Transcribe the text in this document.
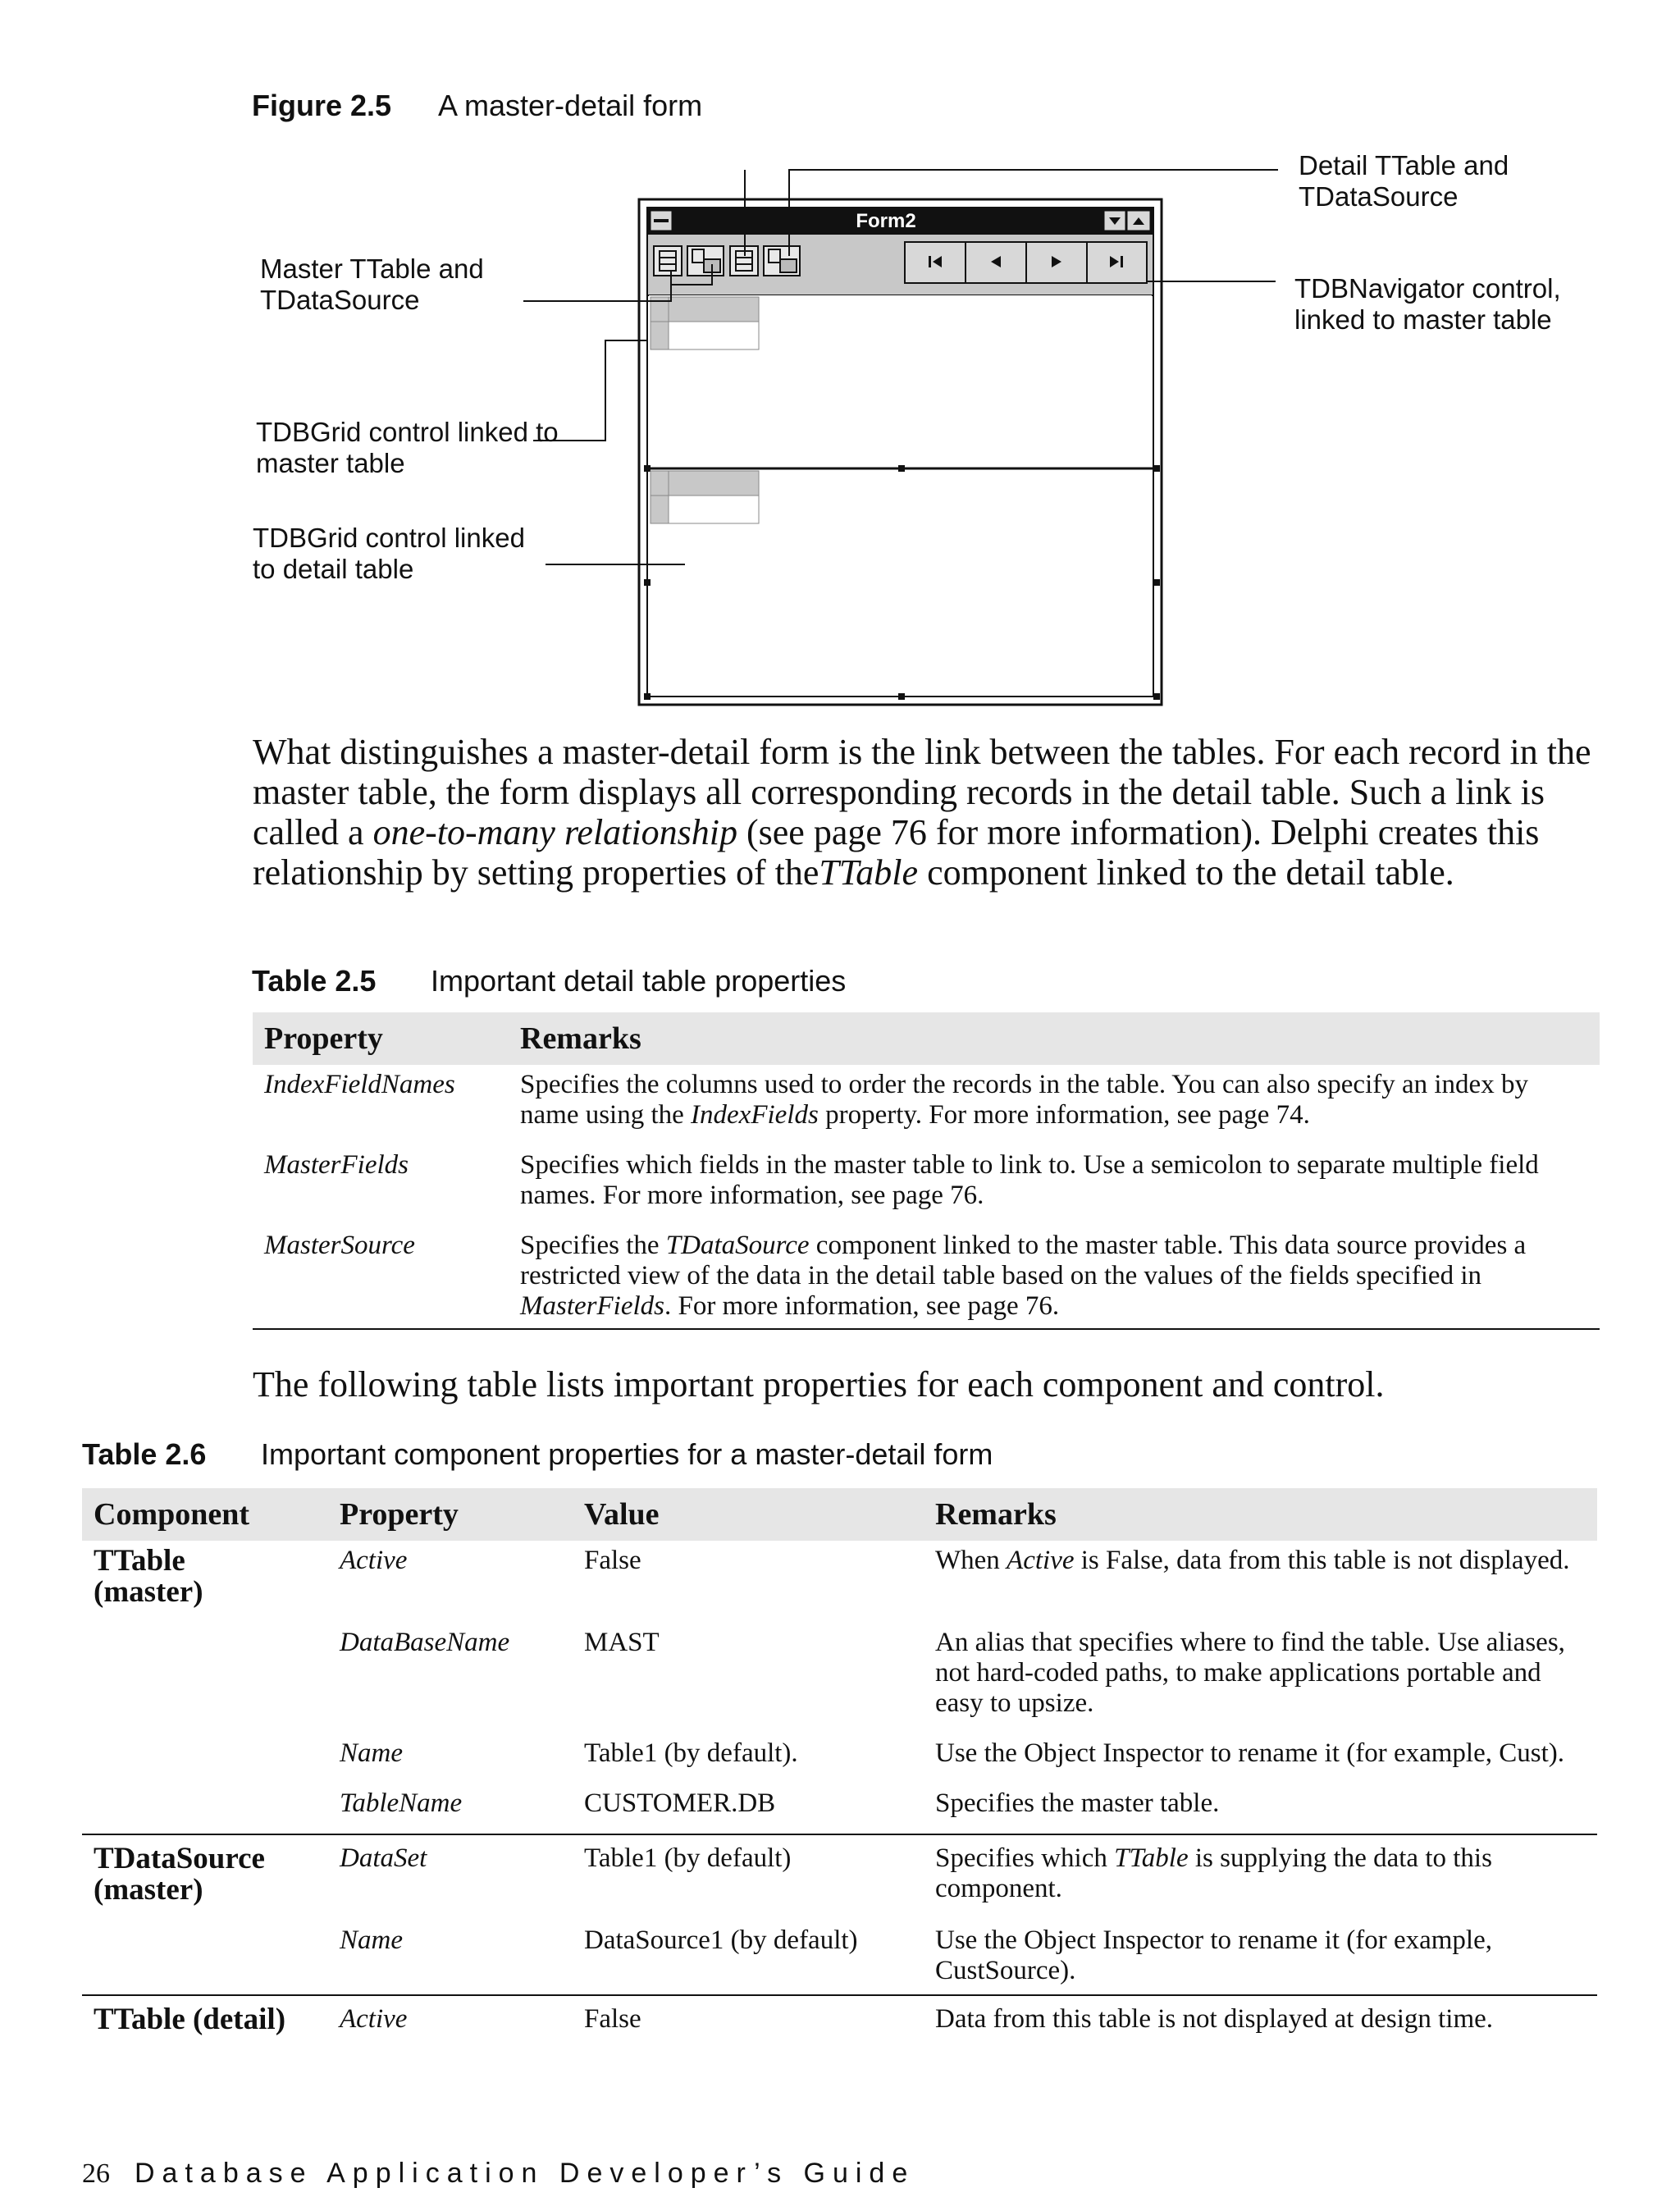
Figure 2.5 A master-detail form
Form2
Detail TTable and
TDataSource
Master TTable and
TDataSource	TDBNavigator control,
linked to master table
TDBGrid control linked to
master table
TDBGrid control linked
to detail table

What distinguishes a master-detail form is the link between the tables. For each record in the master table, the form displays all corresponding records in the detail table. Such a link is called a one-to-many relationship (see page 76 for more information). Delphi creates this relationship by setting properties of theTTable component linked to the detail table.

Table 2.5 Important detail table properties
Property	Remarks
IndexFieldNames	Specifies the columns used to order the records in the table. You can also specify an index by name using the IndexFields property. For more information, see page 74.
MasterFields	Specifies which fields in the master table to link to. Use a semicolon to separate multiple field names. For more information, see page 76.
MasterSource	Specifies the TDataSource component linked to the master table. This data source provides a restricted view of the data in the detail table based on the values of the fields specified in MasterFields. For more information, see page 76.

The following table lists important properties for each component and control.

Table 2.6 Important component properties for a master-detail form
Component	Property	Value	Remarks
TTable
(master)	Active	False	When Active is False, data from this table is not displayed.
	DataBaseName	MAST	An alias that specifies where to find the table. Use aliases, not hard-coded paths, to make applications portable and easy to upsize.
	Name	Table1 (by default).	Use the Object Inspector to rename it (for example, Cust).
	TableName	CUSTOMER.DB	Specifies the master table.
TDataSource
(master)	DataSet	Table1 (by default)	Specifies which TTable is supplying the data to this component.
	Name	DataSource1 (by default)	Use the Object Inspector to rename it (for example, CustSource).
TTable (detail)	Active	False	Data from this table is not displayed at design time.
26 Database Application Developer’s Guide
